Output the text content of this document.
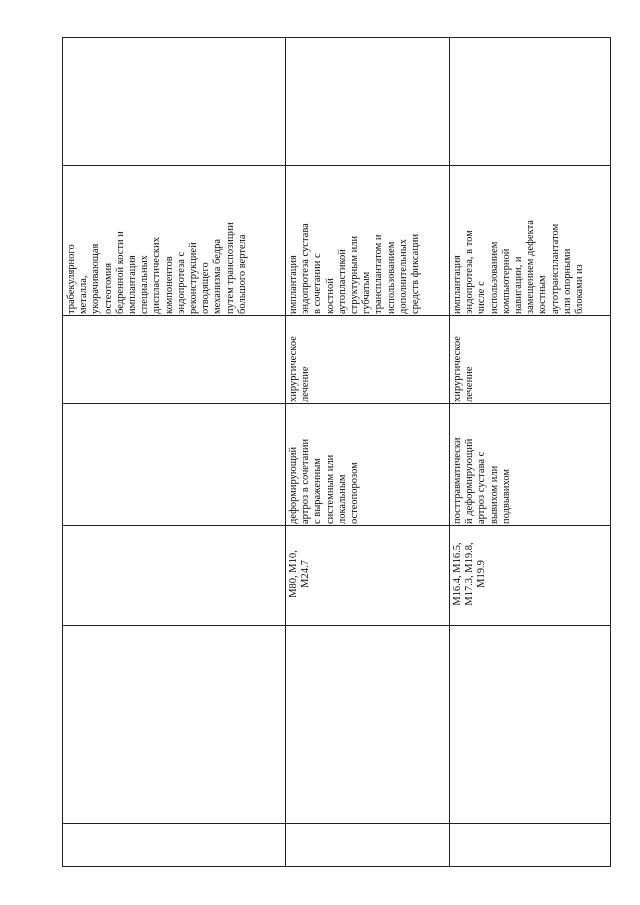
трабекулярного металла, укорачивающая остеотомия бедренной кости и имплантация специальных диспластических компонентов эндопротеза с реконструкцией отводящего механизма бедра путем транспозиции большого вертела	имплантация эндопротеза сустава в сочетании с костной аутопластикой структурным или губчатым трансплантатом и использованием дополнительных средств фиксации
хирургическое лечение
деформирующий артроз в сочетании с выраженным системным или локальным остеопорозом
M80, M10, M24.7
имплантация эндопротеза, в том числе с использованием компьютерной навигации, и замещением дефекта костным аутотрансплантатом или опорными блоками из
хирургическое лечение
посттравматически й деформирующий артроз сустава с вывихом или подвывихом
M16.4, M16.5, M17.3, M19.8, M19.9
